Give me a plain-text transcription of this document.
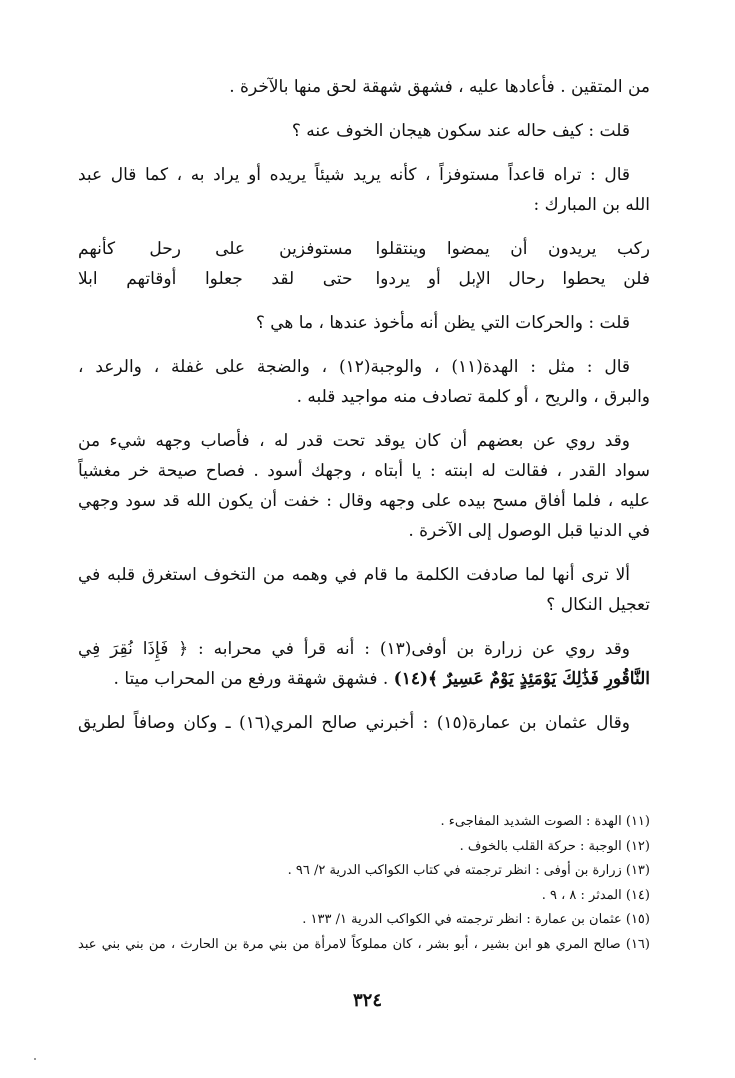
من المتقين . فأعادها عليه ، فشهق شهقة لحق منها بالآخرة .
قلت : كيف حاله عند سكون هيجان الخوف عنه ؟
قال : تراه قاعداً مستوفزاً ، كأنه يريد شيئاً يريده أو يراد به ، كما قال عبد
الله بن المبارك :
ركب يريدون أن يمضوا وينتقلوا
مستوفزين على رحل كأنهم
فلن يحطوا رحال الإبل أو يردوا
حتى لقد جعلوا أوقاتهم ابلا
قلت : والحركات التي يظن أنه مأخوذ عندها ، ما هي ؟
قال : مثل : الهدة(١١) ، والوجبة(١٢) ، والضجة على غفلة ، والرعد ،
والبرق ، والريح ، أو كلمة تصادف منه مواجيد قلبه .
وقد روي عن بعضهم أن كان يوقد تحت قدر له ، فأصاب وجهه شيء من
سواد القدر ، فقالت له ابنته : يا أبتاه ، وجهك أسود . فصاح صيحة خر مغشياً
عليه ، فلما أفاق مسح بيده على وجهه وقال : خفت أن يكون الله قد سود وجهي
في الدنيا قبل الوصول إلى الآخرة .
ألا ترى أنها لما صادفت الكلمة ما قام في وهمه من التخوف استغرق قلبه في
تعجيل النكال ؟
وقد روي عن زرارة بن أوفى(١٣) : أنه قرأ في محرابه : ﴿ فَإِذَا نُقِرَ فِي
النَّاقُورِ فَذَٰلِكَ يَوْمَئِذٍ يَوْمٌ عَسِيرٌ ﴾(١٤) . فشهق شهقة ورفع من المحراب ميتا .
وقال عثمان بن عمارة(١٥) : أخبرني صالح المري(١٦) ـ وكان وصافاً لطريق
(١١) الهدة : الصوت الشديد المفاجىء .
(١٢) الوجبة : حركة القلب بالخوف .
(١٣) زرارة بن أوفى : انظر ترجمته في كتاب الكواكب الدرية ٢/ ٩٦ .
(١٤) المدثر : ٨ ، ٩ .
(١٥) عثمان بن عمارة : انظر ترجمته في الكواكب الدرية ١/ ١٣٣ .
(١٦) صالح المري هو ابن بشير ، أبو بشر ، كان مملوكاً لامرأة من بني مرة بن الحارث ، من بني بني عبد
٣٢٤
